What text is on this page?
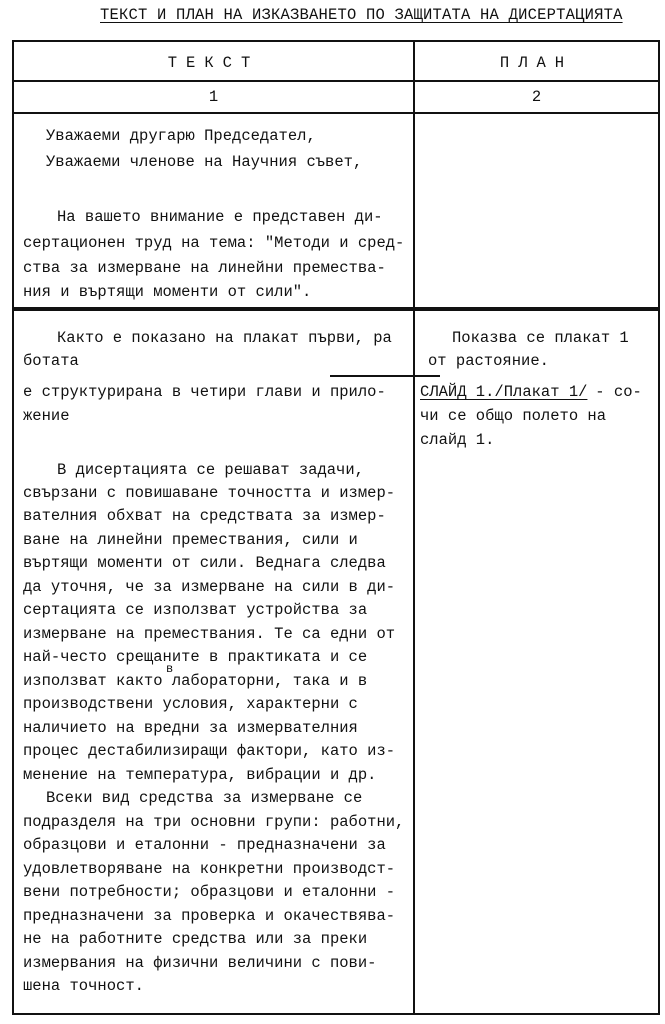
ТЕКСТ И ПЛАН НА ИЗКАЗВАНЕТО ПО ЗАЩИТАТА НА ДИСЕРТАЦИЯТА
ТЕКСТ	ПЛАН
1	2
Уважаеми другарю Председател,
Уважаеми членове на Научния съвет,
На вашето внимание е представен ди-
сертационен труд на тема: "Методи и сред-
ства за измерване на линейни премества-
ния и въртящи моменти от сили".
Както е показано на плакат първи, ра
ботата
е структурирана в четири глави и прило-
жение
В дисертацията се решават задачи,
свързани с повишаване точността и измер-
вателния обхват на средствата за измер-
ване на линейни премествания, сили и
въртящи моменти от сили. Веднага следва
да уточня, че за измерване на сили в ди-
сертацията се използват устройства за
измерване на премествания. Те са едни от
най-често срещаните в практиката и се
в
използват както лабораторни, така и в
производствени условия, характерни с
наличието на вредни за измервателния
процес дестабилизиращи фактори, като из-
менение на температура, вибрации и др.
Всеки вид средства за измерване се
подразделя на три основни групи: работни,
образцови и еталонни - предназначени за
удовлетворяване на конкретни производст-
вени потребности; образцови и еталонни -
предназначени за проверка и окачествява-
не на работните средства или за преки
измервания на физични величини с пови-
шена точност.
Показва се плакат 1
от растояние.
СЛАЙД 1./Плакат 1/
- со-
чи се общо полето на
слайд 1.
